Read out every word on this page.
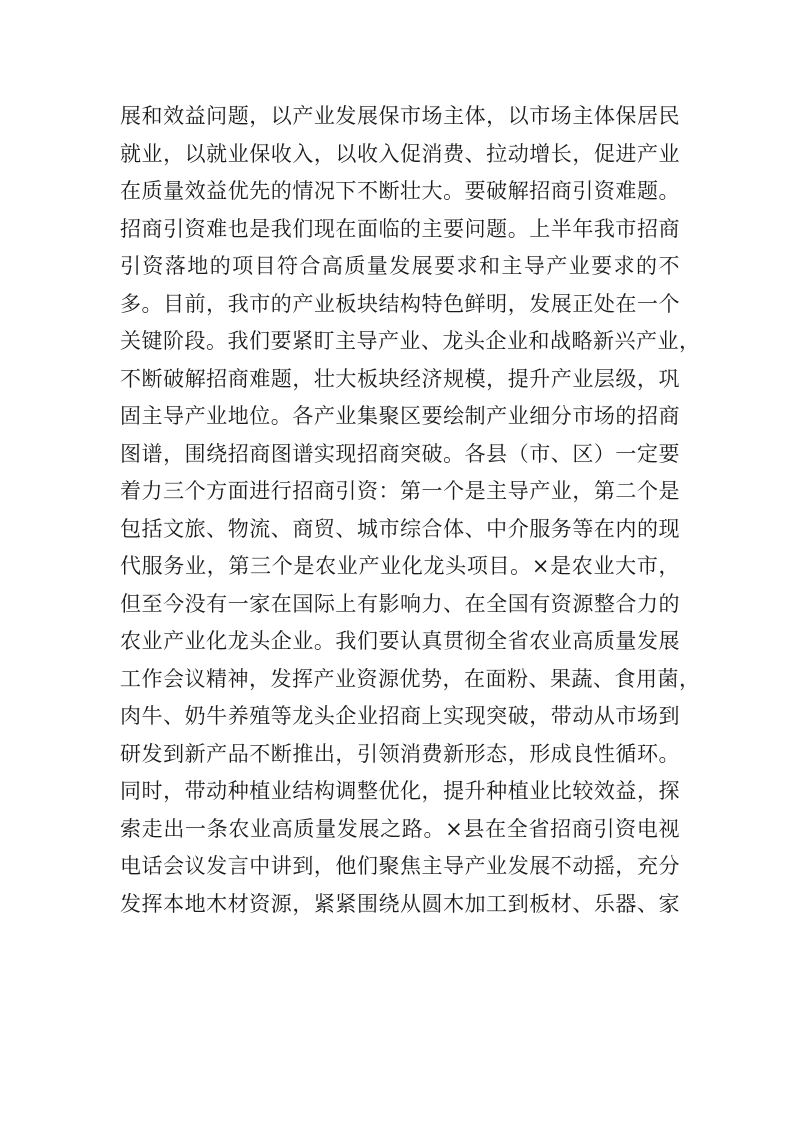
展和效益问题，以产业发展保市场主体，以市场主体保居民
就业，以就业保收入，以收入促消费、拉动增长，促进产业
在质量效益优先的情况下不断壮大。要破解招商引资难题。
招商引资难也是我们现在面临的主要问题。上半年我市招商
引资落地的项目符合高质量发展要求和主导产业要求的不
多。目前，我市的产业板块结构特色鲜明，发展正处在一个
关键阶段。我们要紧盯主导产业、龙头企业和战略新兴产业，
不断破解招商难题，壮大板块经济规模，提升产业层级，巩
固主导产业地位。各产业集聚区要绘制产业细分市场的招商
图谱，围绕招商图谱实现招商突破。各县（市、区）一定要
着力三个方面进行招商引资：第一个是主导产业，第二个是
包括文旅、物流、商贸、城市综合体、中介服务等在内的现
代服务业，第三个是农业产业化龙头项目。×是农业大市，
但至今没有一家在国际上有影响力、在全国有资源整合力的
农业产业化龙头企业。我们要认真贯彻全省农业高质量发展
工作会议精神，发挥产业资源优势，在面粉、果蔬、食用菌，
肉牛、奶牛养殖等龙头企业招商上实现突破，带动从市场到
研发到新产品不断推出，引领消费新形态，形成良性循环。
同时，带动种植业结构调整优化，提升种植业比较效益，探
索走出一条农业高质量发展之路。×县在全省招商引资电视
电话会议发言中讲到，他们聚焦主导产业发展不动摇，充分
发挥本地木材资源，紧紧围绕从圆木加工到板材、乐器、家
